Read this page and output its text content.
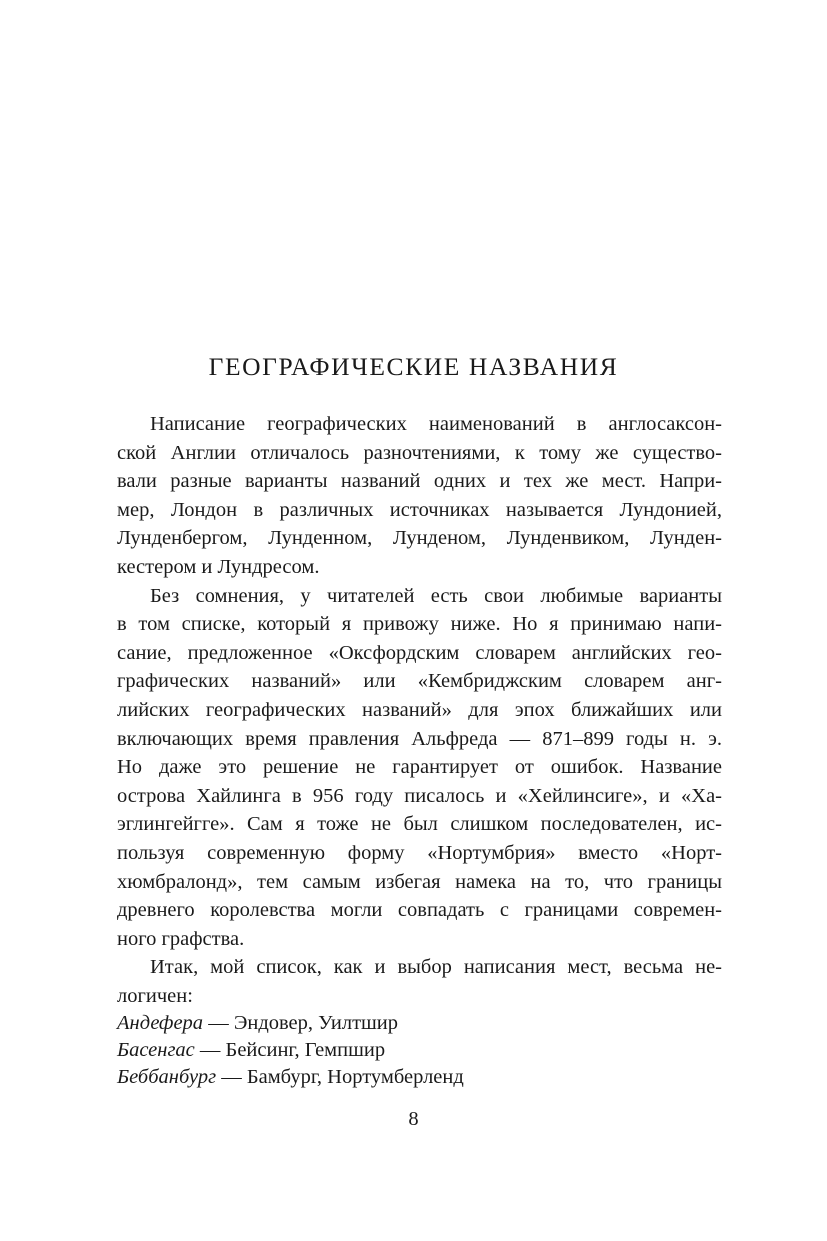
ГЕОГРАФИЧЕСКИЕ НАЗВАНИЯ

Написание географических наименований в англосаксон-

ской Англии отличалось разночтениями, к тому же существо-

вали разные варианты названий одних и тех же мест. Напри-

мер, Лондон в различных источниках называется Лундонией,

Лунденбергом, Лунденном, Лунденом, Лунденвиком, Лунден-

кестером и Лундресом.

Без сомнения, у читателей есть свои любимые варианты

в том списке, который я привожу ниже. Но я принимаю напи-

сание, предложенное «Оксфордским словарем английских гео-

графических названий» или «Кембриджским словарем анг-

лийских географических названий» для эпох ближайших или

включающих время правления Альфреда — 871–899 годы н. э.

Но даже это решение не гарантирует от ошибок. Название

острова Хайлинга в 956 году писалось и «Хейлинсиге», и «Ха-

эглингейгге». Сам я тоже не был слишком последователен, ис-

пользуя современную форму «Нортумбрия» вместо «Норт-

хюмбралонд», тем самым избегая намека на то, что границы

древнего королевства могли совпадать с границами современ-

ного графства.

Итак, мой список, как и выбор написания мест, весьма не-

логичен:

Андефера — Эндовер, Уилтшир
Басенгас — Бейсинг, Гемпшир
Беббанбург — Бамбург, Нортумберленд
8
